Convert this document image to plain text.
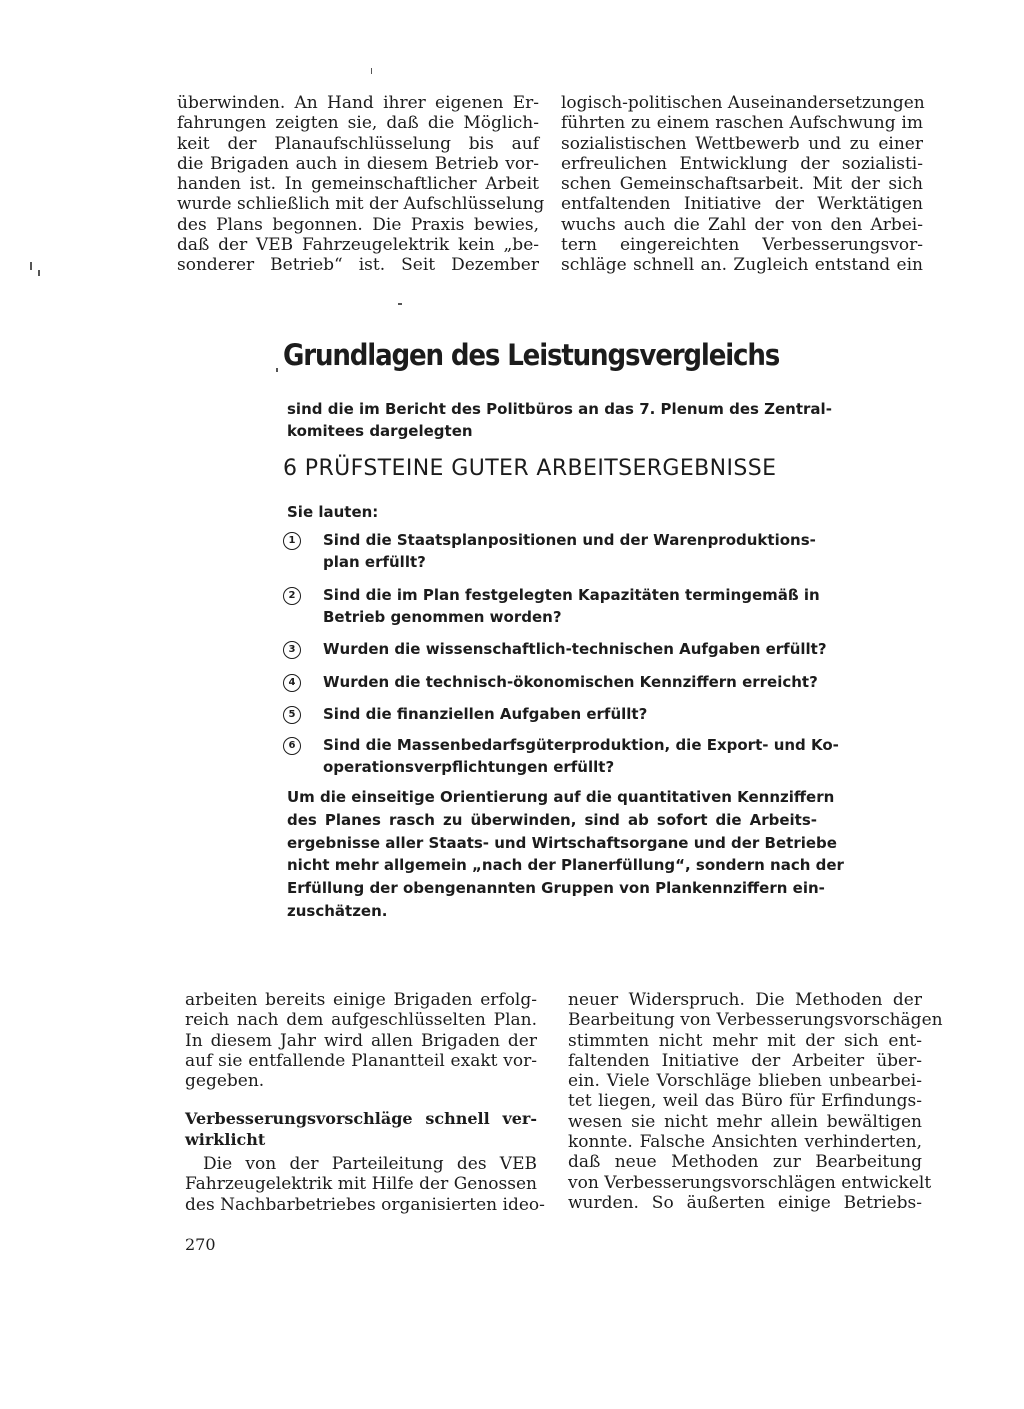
überwinden. An Hand ihrer eigenen Er-
fahrungen zeigten sie, daß die Möglich-
keit der Planaufschlüsselung bis auf
die Brigaden auch in diesem Betrieb vor-
handen ist. In gemeinschaftlicher Arbeit
wurde schließlich mit der Aufschlüsselung
des Plans begonnen. Die Praxis bewies,
daß der VEB Fahrzeugelektrik kein „be-
sonderer Betrieb“ ist. Seit Dezember
logisch-politischen Auseinandersetzungen
führten zu einem raschen Aufschwung im
sozialistischen Wettbewerb und zu einer
erfreulichen Entwicklung der sozialisti-
schen Gemeinschaftsarbeit. Mit der sich
entfaltenden Initiative der Werktätigen
wuchs auch die Zahl der von den Arbei-
tern eingereichten Verbesserungsvor-
schläge schnell an. Zugleich entstand ein
Grundlagen des Leistungsvergleichs
sind die im Bericht des Politbüros an das 7. Plenum des Zentral-
komitees dargelegten
6 PRÜFSTEINE GUTER ARBEITSERGEBNISSE
Sie lauten:
1	Sind die Staatsplanpositionen und der Warenproduktions-
plan erfüllt?
2	Sind die im Plan festgelegten Kapazitäten termingemäß in
Betrieb genommen worden?
3	Wurden die wissenschaftlich-technischen Aufgaben erfüllt?
4	Wurden die technisch-ökonomischen Kennziffern erreicht?
5	Sind die finanziellen Aufgaben erfüllt?
6	Sind die Massenbedarfsgüterproduktion, die Export- und Ko-
operationsverpflichtungen erfüllt?
Um die einseitige Orientierung auf die quantitativen Kennziffern
des Planes rasch zu überwinden, sind ab sofort die Arbeits-
ergebnisse aller Staats- und Wirtschaftsorgane und der Betriebe
nicht mehr allgemein „nach der Planerfüllung“, sondern nach der
Erfüllung der obengenannten Gruppen von Plankennziffern ein-
zuschätzen.
arbeiten bereits einige Brigaden erfolg-
reich nach dem aufgeschlüsselten Plan.
In diesem Jahr wird allen Brigaden der
auf sie entfallende Planantteil exakt vor-
gegeben.
Verbesserungsvorschläge schnell ver-
wirklicht
Die von der Parteileitung des VEB
Fahrzeugelektrik mit Hilfe der Genossen
des Nachbarbetriebes organisierten ideo-
neuer Widerspruch. Die Methoden der
Bearbeitung von Verbesserungsvorschägen
stimmten nicht mehr mit der sich ent-
faltenden Initiative der Arbeiter über-
ein. Viele Vorschläge blieben unbearbei-
tet liegen, weil das Büro für Erfindungs-
wesen sie nicht mehr allein bewältigen
konnte. Falsche Ansichten verhinderten,
daß neue Methoden zur Bearbeitung
von Verbesserungsvorschlägen entwickelt
wurden. So äußerten einige Betriebs-
270
